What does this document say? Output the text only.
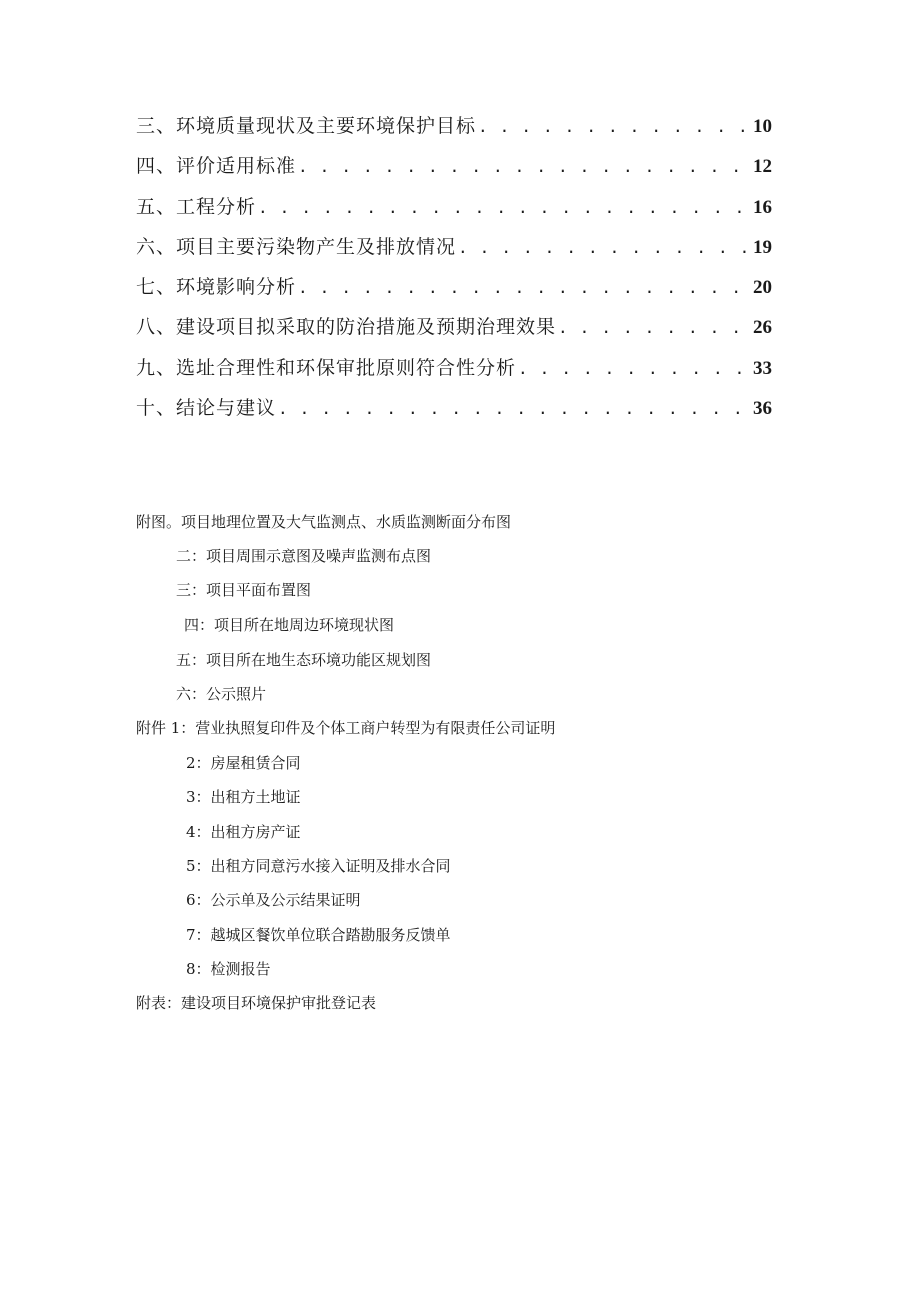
三、环境质量现状及主要环境保护目标 . . .	10
四、评价适用标准 . . .	12
五、工程分析 . . .	16
六、项目主要污染物产生及排放情况 . . .	19
七、环境影响分析 . . .	20
八、建设项目拟采取的防治措施及预期治理效果 . . .	26
九、选址合理性和环保审批原则符合性分析 . . .	33
十、结论与建议 . . .	36
附图。项目地理位置及大气监测点、水质监测断面分布图
二：项目周围示意图及噪声监测布点图
三：项目平面布置图
四：项目所在地周边环境现状图
五：项目所在地生态环境功能区规划图
六：公示照片
附件 1：营业执照复印件及个体工商户转型为有限责任公司证明
2：房屋租赁合同
3：出租方土地证
4：出租方房产证
5：出租方同意污水接入证明及排水合同
6：公示单及公示结果证明
7：越城区餐饮单位联合踏勘服务反馈单
8：检测报告
附表：建设项目环境保护审批登记表
